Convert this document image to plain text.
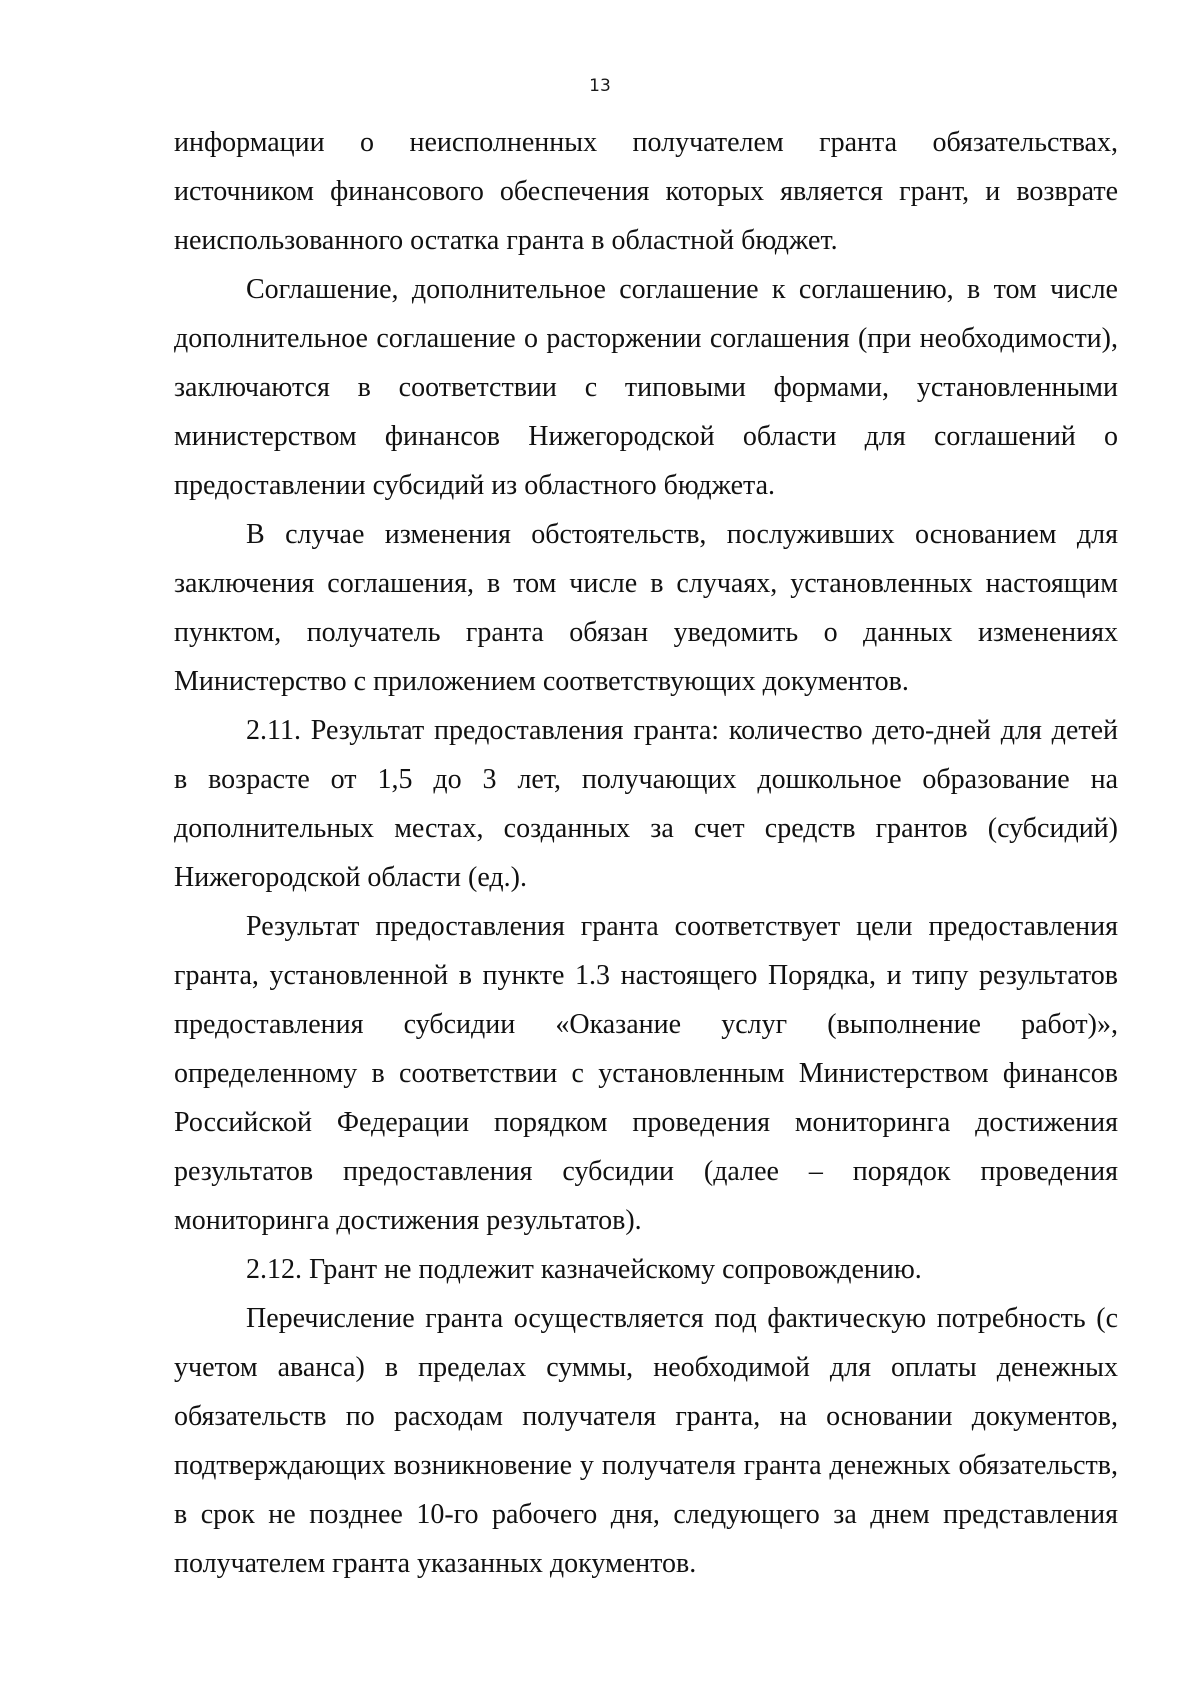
13

информации о неисполненных получателем гранта обязательствах, источником финансового обеспечения которых является грант, и возврате неиспользованного остатка гранта в областной бюджет.

Соглашение, дополнительное соглашение к соглашению, в том числе дополнительное соглашение о расторжении соглашения (при необходимости), заключаются в соответствии с типовыми формами, установленными министерством финансов Нижегородской области для соглашений о предоставлении субсидий из областного бюджета.

В случае изменения обстоятельств, послуживших основанием для заключения соглашения, в том числе в случаях, установленных настоящим пунктом, получатель гранта обязан уведомить о данных изменениях Министерство с приложением соответствующих документов.

2.11. Результат предоставления гранта: количество дето-дней для детей в возрасте от 1,5 до 3 лет, получающих дошкольное образование на дополнительных местах, созданных за счет средств грантов (субсидий) Нижегородской области (ед.).

Результат предоставления гранта соответствует цели предоставления гранта, установленной в пункте 1.3 настоящего Порядка, и типу результатов предоставления субсидии «Оказание услуг (выполнение работ)», определенному в соответствии с установленным Министерством финансов Российской Федерации порядком проведения мониторинга достижения результатов предоставления субсидии (далее – порядок проведения мониторинга достижения результатов).

2.12. Грант не подлежит казначейскому сопровождению.

Перечисление гранта осуществляется под фактическую потребность (с учетом аванса) в пределах суммы, необходимой для оплаты денежных обязательств по расходам получателя гранта, на основании документов, подтверждающих возникновение у получателя гранта денежных обязательств, в срок не позднее 10-го рабочего дня, следующего за днем представления получателем гранта указанных документов.
